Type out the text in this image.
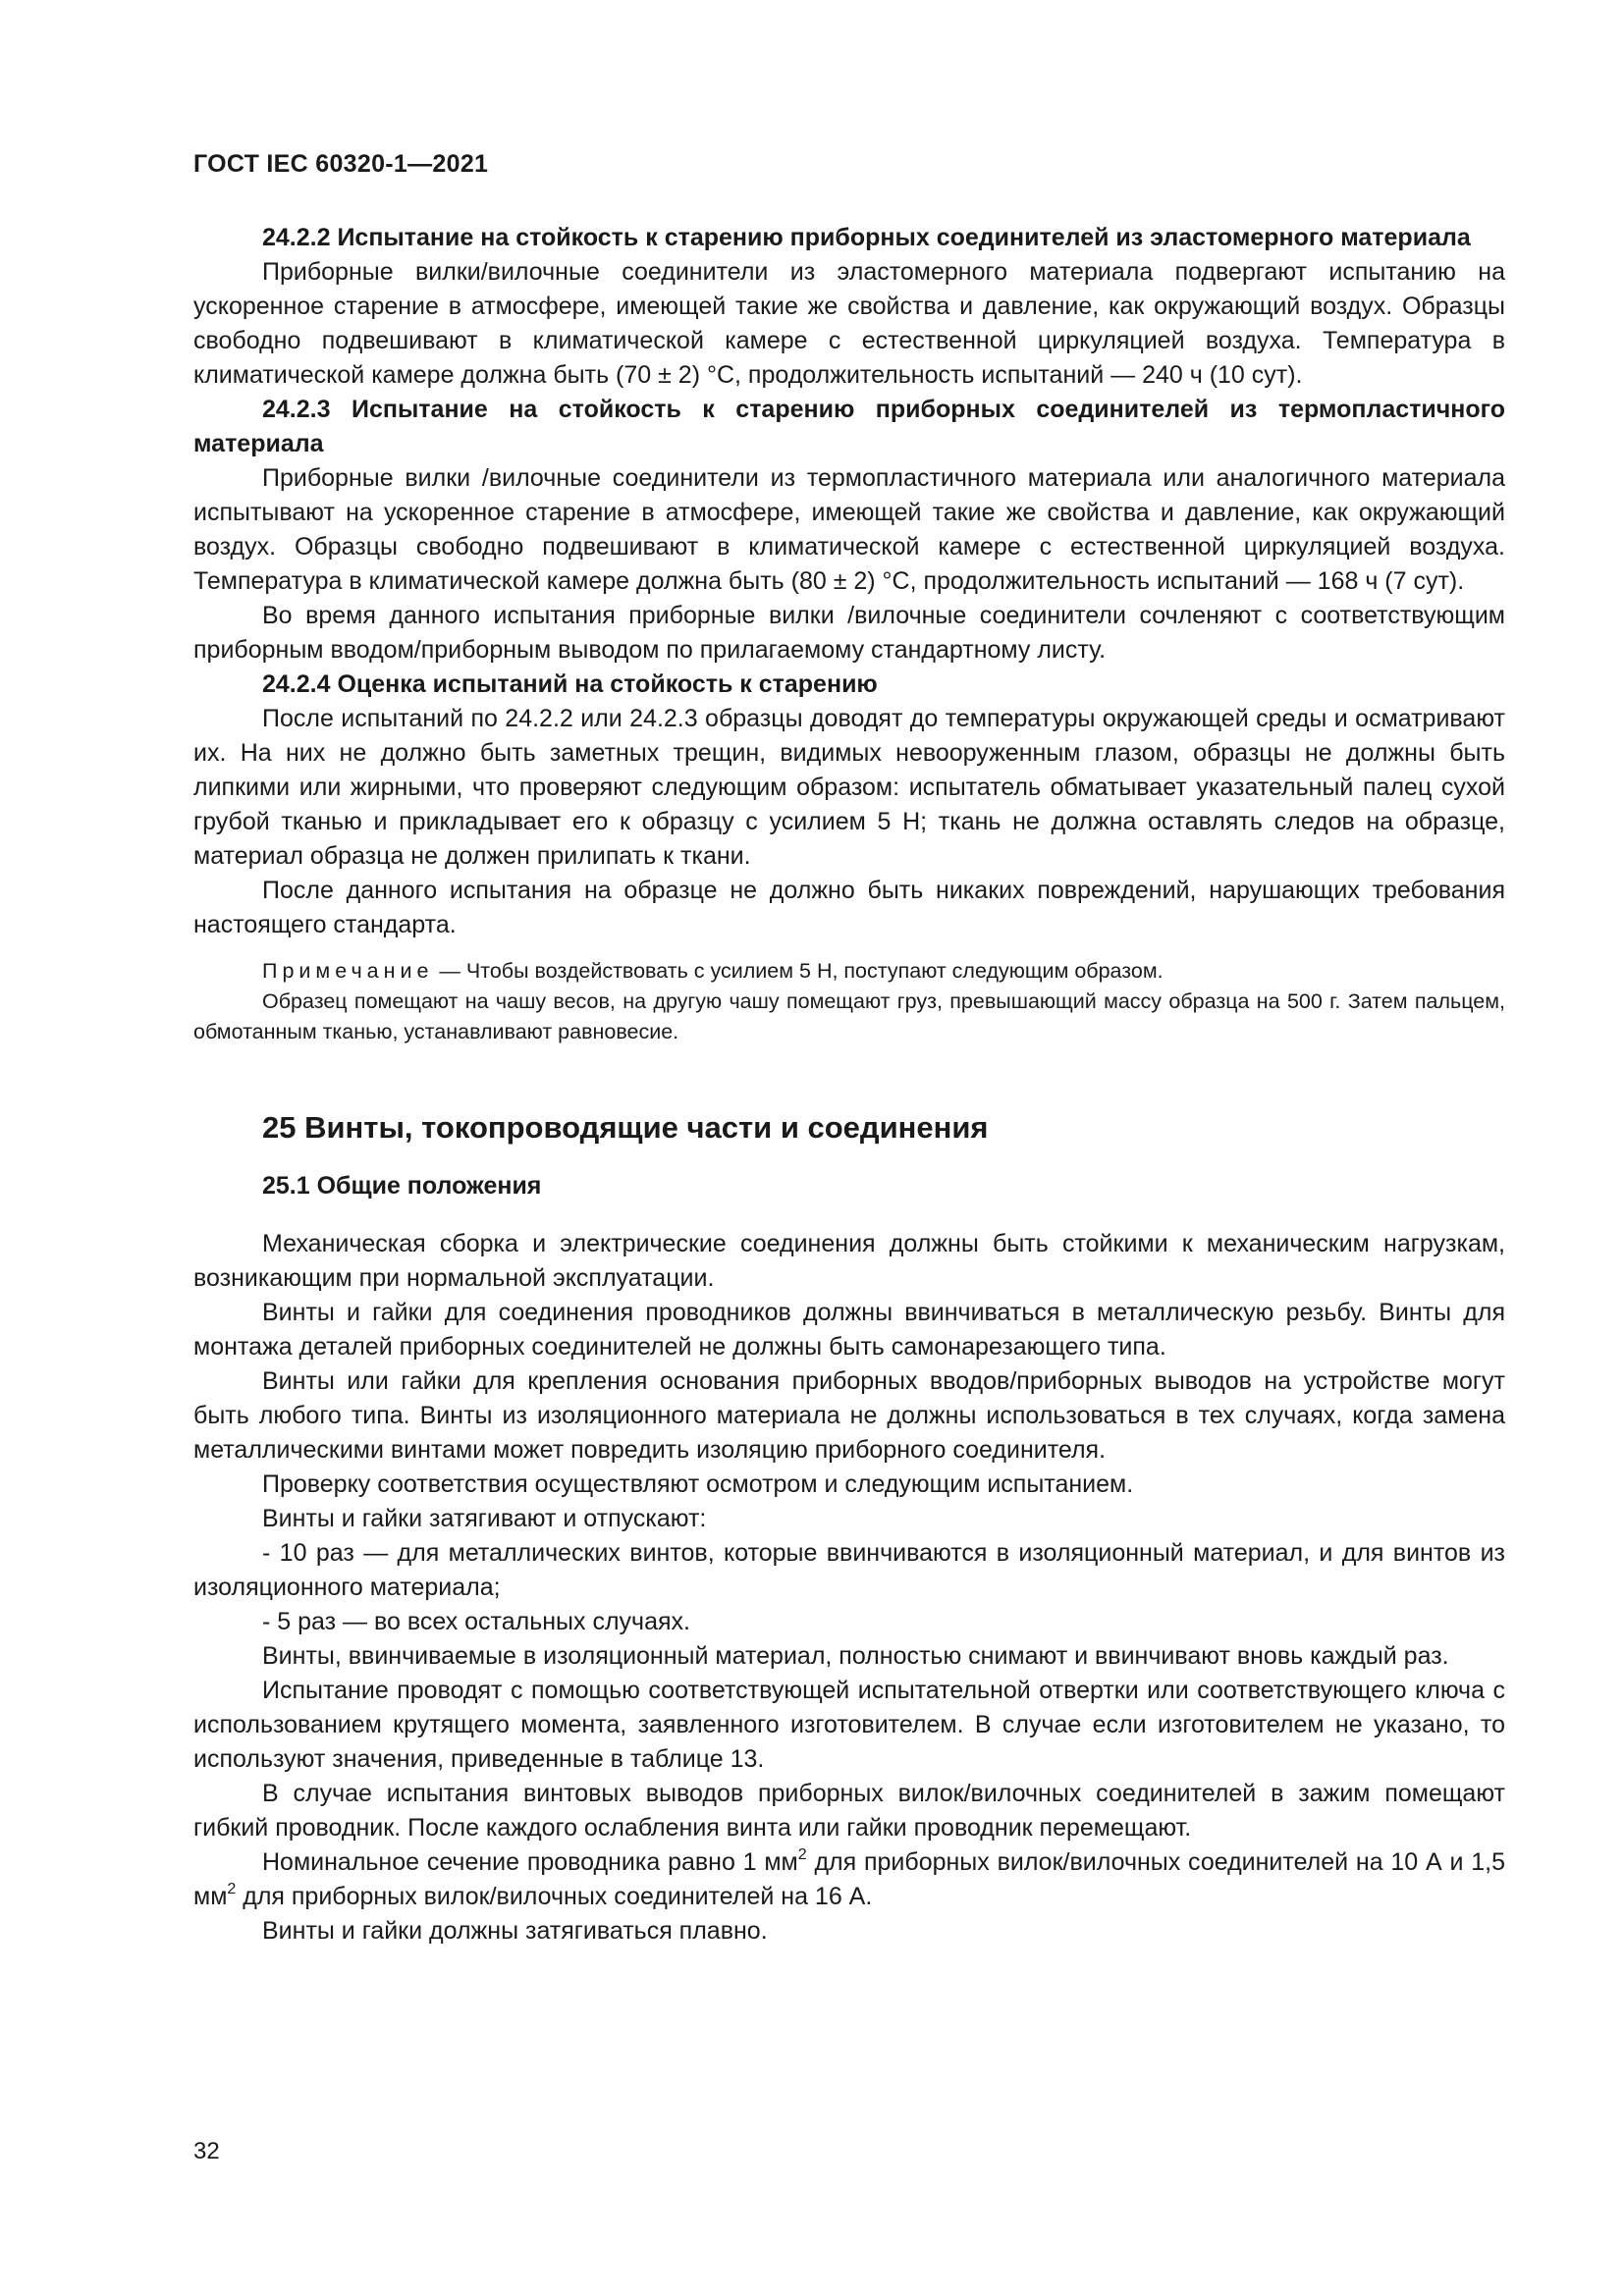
ГОСТ IEC 60320-1—2021

24.2.2 Испытание на стойкость к старению приборных соединителей из эластомерного материала

Приборные вилки/вилочные соединители из эластомерного материала подвергают испытанию на ускоренное старение в атмосфере, имеющей такие же свойства и давление, как окружающий воздух. Образцы свободно подвешивают в климатической камере с естественной циркуляцией воздуха. Температура в климатической камере должна быть (70 ± 2) °С, продолжительность испытаний — 240 ч (10 сут).

24.2.3 Испытание на стойкость к старению приборных соединителей из термопластичного материала

Приборные вилки /вилочные соединители из термопластичного материала или аналогичного материала испытывают на ускоренное старение в атмосфере, имеющей такие же свойства и давление, как окружающий воздух. Образцы свободно подвешивают в климатической камере с естественной циркуляцией воздуха. Температура в климатической камере должна быть (80 ± 2) °С, продолжительность испытаний — 168 ч (7 сут).

Во время данного испытания приборные вилки /вилочные соединители сочленяют с соответствующим приборным вводом/приборным выводом по прилагаемому стандартному листу.

24.2.4 Оценка испытаний на стойкость к старению

После испытаний по 24.2.2 или 24.2.3 образцы доводят до температуры окружающей среды и осматривают их. На них не должно быть заметных трещин, видимых невооруженным глазом, образцы не должны быть липкими или жирными, что проверяют следующим образом: испытатель обматывает указательный палец сухой грубой тканью и прикладывает его к образцу с усилием 5 Н; ткань не должна оставлять следов на образце, материал образца не должен прилипать к ткани.

После данного испытания на образце не должно быть никаких повреждений, нарушающих требования настоящего стандарта.

Примечание — Чтобы воздействовать с усилием 5 Н, поступают следующим образом.

Образец помещают на чашу весов, на другую чашу помещают груз, превышающий массу образца на 500 г. Затем пальцем, обмотанным тканью, устанавливают равновесие.

25 Винты, токопроводящие части и соединения

25.1 Общие положения

Механическая сборка и электрические соединения должны быть стойкими к механическим нагрузкам, возникающим при нормальной эксплуатации.

Винты и гайки для соединения проводников должны ввинчиваться в металлическую резьбу. Винты для монтажа деталей приборных соединителей не должны быть самонарезающего типа.

Винты или гайки для крепления основания приборных вводов/приборных выводов на устройстве могут быть любого типа. Винты из изоляционного материала не должны использоваться в тех случаях, когда замена металлическими винтами может повредить изоляцию приборного соединителя.

Проверку соответствия осуществляют осмотром и следующим испытанием.

Винты и гайки затягивают и отпускают:

- 10 раз — для металлических винтов, которые ввинчиваются в изоляционный материал, и для винтов из изоляционного материала;

- 5 раз — во всех остальных случаях.

Винты, ввинчиваемые в изоляционный материал, полностью снимают и ввинчивают вновь каждый раз.

Испытание проводят с помощью соответствующей испытательной отвертки или соответствующего ключа с использованием крутящего момента, заявленного изготовителем. В случае если изготовителем не указано, то используют значения, приведенные в таблице 13.

В случае испытания винтовых выводов приборных вилок/вилочных соединителей в зажим помещают гибкий проводник. После каждого ослабления винта или гайки проводник перемещают.

Номинальное сечение проводника равно 1 $мм^2$ для приборных вилок/вилочных соединителей на 10 А и 1,5 $мм^2$ для приборных вилок/вилочных соединителей на 16 А.

Винты и гайки должны затягиваться плавно.

32
